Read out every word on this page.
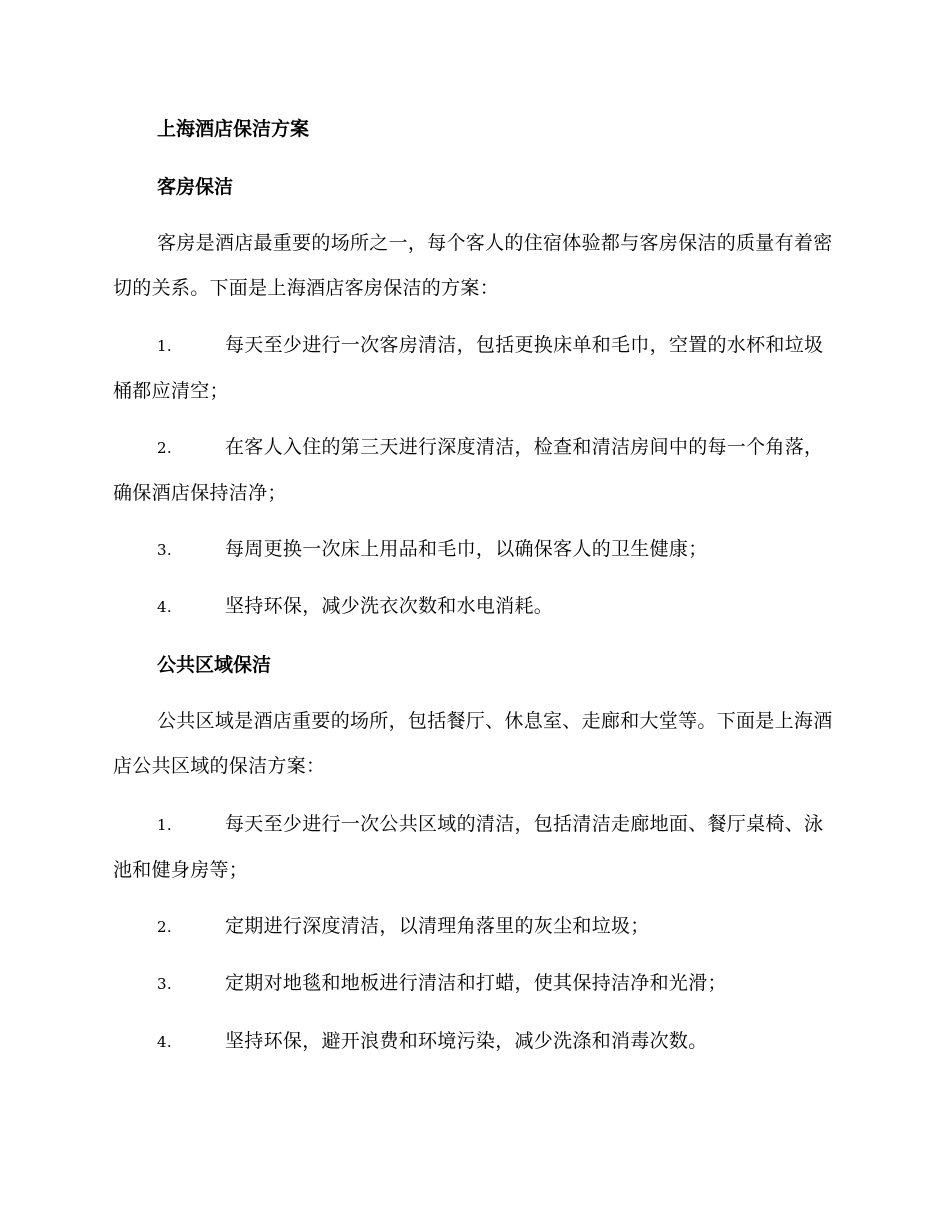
上海酒店保洁方案
客房保洁
客房是酒店最重要的场所之一，每个客人的住宿体验都与客房保洁的质量有着密切的关系。下面是上海酒店客房保洁的方案：
1.	每天至少进行一次客房清洁，包括更换床单和毛巾，空置的水杯和垃圾桶都应清空；
2.	在客人入住的第三天进行深度清洁，检查和清洁房间中的每一个角落，确保酒店保持洁净；
3.	每周更换一次床上用品和毛巾，以确保客人的卫生健康；
4.	坚持环保，减少洗衣次数和水电消耗。
公共区域保洁
公共区域是酒店重要的场所，包括餐厅、休息室、走廊和大堂等。下面是上海酒店公共区域的保洁方案：
1.	每天至少进行一次公共区域的清洁，包括清洁走廊地面、餐厅桌椅、泳池和健身房等；
2.	定期进行深度清洁，以清理角落里的灰尘和垃圾；
3.	定期对地毯和地板进行清洁和打蜡，使其保持洁净和光滑；
4.	坚持环保，避开浪费和环境污染，减少洗涤和消毒次数。
